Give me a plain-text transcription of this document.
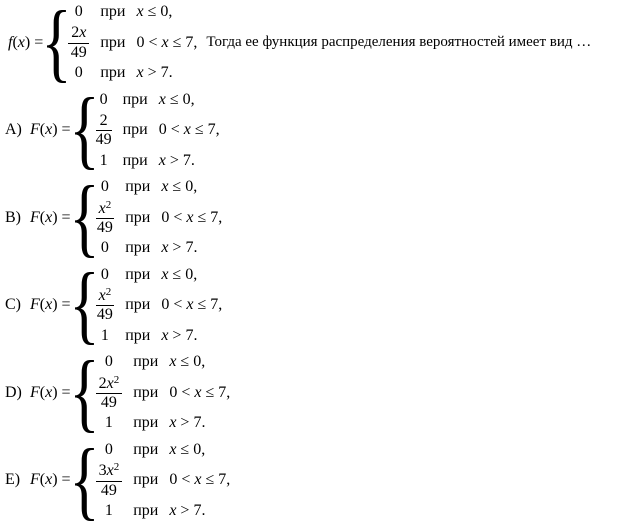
f(x) =
{ 0 при x ≤ 0,
$\frac{2x}{49}$ при 0 < x ≤ 7,
0 при x > 7.
Тогда ее функция распределения вероятностей имеет вид …
A) F(x) =
{ 0 при x ≤ 0,
$\frac{2}{49}$ при 0 < x ≤ 7,
1 при x > 7.
B) F(x) =
{ 0 при x ≤ 0,
$\frac{x^2}{49}$ при 0 < x ≤ 7,
0 при x > 7.
C) F(x) =
{ 0 при x ≤ 0,
$\frac{x^2}{49}$ при 0 < x ≤ 7,
1 при x > 7.
D) F(x) =
{ 0 при x ≤ 0,
$\frac{2x^2}{49}$ при 0 < x ≤ 7,
1 при x > 7.
E) F(x) =
{ 0 при x ≤ 0,
$\frac{3x^2}{49}$ при 0 < x ≤ 7,
1 при x > 7.
